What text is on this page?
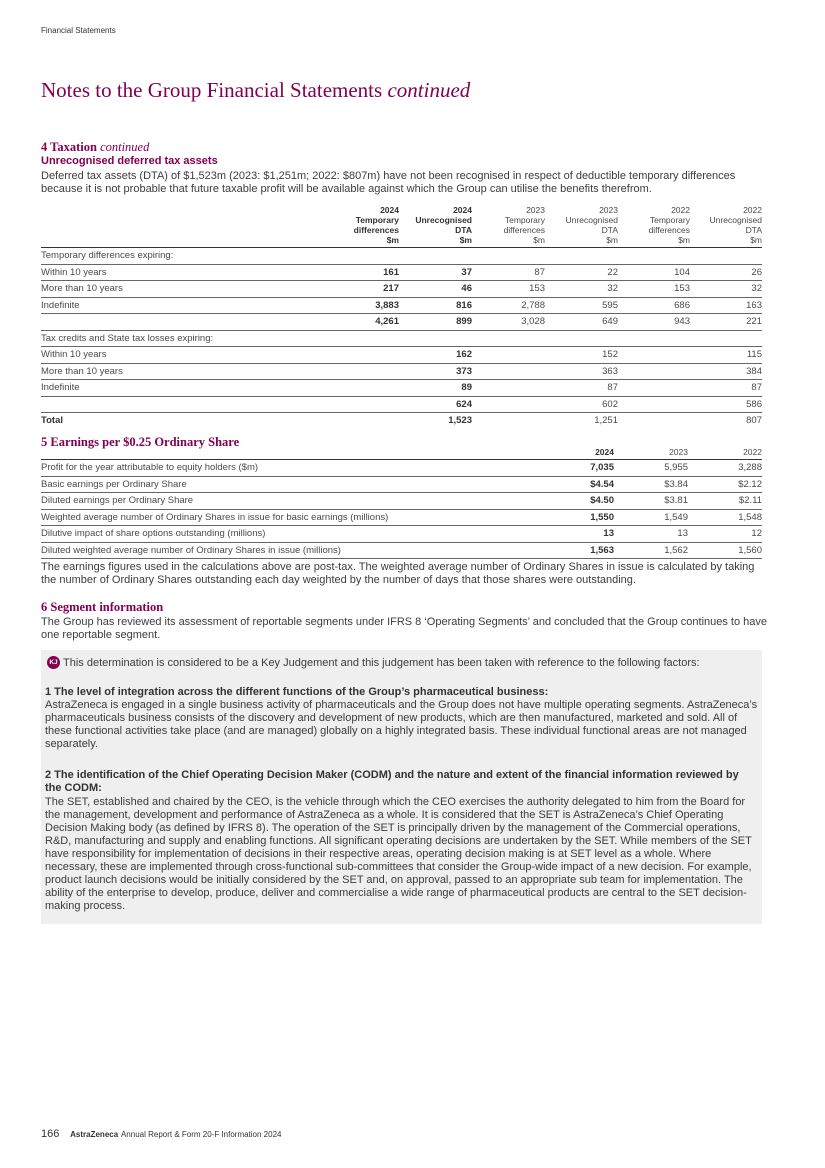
Financial Statements
Notes to the Group Financial Statements continued
4 Taxation continued
Unrecognised deferred tax assets
Deferred tax assets (DTA) of $1,523m (2023: $1,251m; 2022: $807m) have not been recognised in respect of deductible temporary differences because it is not probable that future taxable profit will be available against which the Group can utilise the benefits therefrom.
	2024
Temporary
differences
$m	2024
Unrecognised
DTA
$m	2023
Temporary
differences
$m	2023
Unrecognised
DTA
$m	2022
Temporary
differences
$m	2022
Unrecognised
DTA
$m
Temporary differences expiring:						
Within 10 years	161	37	87	22	104	26
More than 10 years	217	46	153	32	153	32
Indefinite	3,883	816	2,788	595	686	163
	4,261	899	3,028	649	943	221
Tax credits and State tax losses expiring:						
Within 10 years		162		152		115
More than 10 years		373		363		384
Indefinite		89		87		87
		624		602		586
Total		1,523		1,251		807
5 Earnings per $0.25 Ordinary Share
	2024	2023	2022
Profit for the year attributable to equity holders ($m)	7,035	5,955	3,288
Basic earnings per Ordinary Share	$4.54	$3.84	$2.12
Diluted earnings per Ordinary Share	$4.50	$3.81	$2.11
Weighted average number of Ordinary Shares in issue for basic earnings (millions)	1,550	1,549	1,548
Dilutive impact of share options outstanding (millions)	13	13	12
Diluted weighted average number of Ordinary Shares in issue (millions)	1,563	1,562	1,560
The earnings figures used in the calculations above are post-tax. The weighted average number of Ordinary Shares in issue is calculated by taking the number of Ordinary Shares outstanding each day weighted by the number of days that those shares were outstanding.
6 Segment information
The Group has reviewed its assessment of reportable segments under IFRS 8 ‘Operating Segments’ and concluded that the Group continues to have one reportable segment.
KJ This determination is considered to be a Key Judgement and this judgement has been taken with reference to the following factors:
1 The level of integration across the different functions of the Group’s pharmaceutical business:
AstraZeneca is engaged in a single business activity of pharmaceuticals and the Group does not have multiple operating segments. AstraZeneca’s pharmaceuticals business consists of the discovery and development of new products, which are then manufactured, marketed and sold. All of these functional activities take place (and are managed) globally on a highly integrated basis. These individual functional areas are not managed separately.
2 The identification of the Chief Operating Decision Maker (CODM) and the nature and extent of the financial information reviewed by the CODM:
The SET, established and chaired by the CEO, is the vehicle through which the CEO exercises the authority delegated to him from the Board for the management, development and performance of AstraZeneca as a whole. It is considered that the SET is AstraZeneca’s Chief Operating Decision Making body (as defined by IFRS 8). The operation of the SET is principally driven by the management of the Commercial operations, R&D, manufacturing and supply and enabling functions. All significant operating decisions are undertaken by the SET. While members of the SET have responsibility for implementation of decisions in their respective areas, operating decision making is at SET level as a whole. Where necessary, these are implemented through cross-functional sub-committees that consider the Group-wide impact of a new decision. For example, product launch decisions would be initially considered by the SET and, on approval, passed to an appropriate sub team for implementation. The ability of the enterprise to develop, produce, deliver and commercialise a wide range of pharmaceutical products are central to the SET decision-making process.
166 AstraZeneca Annual Report & Form 20-F Information 2024
